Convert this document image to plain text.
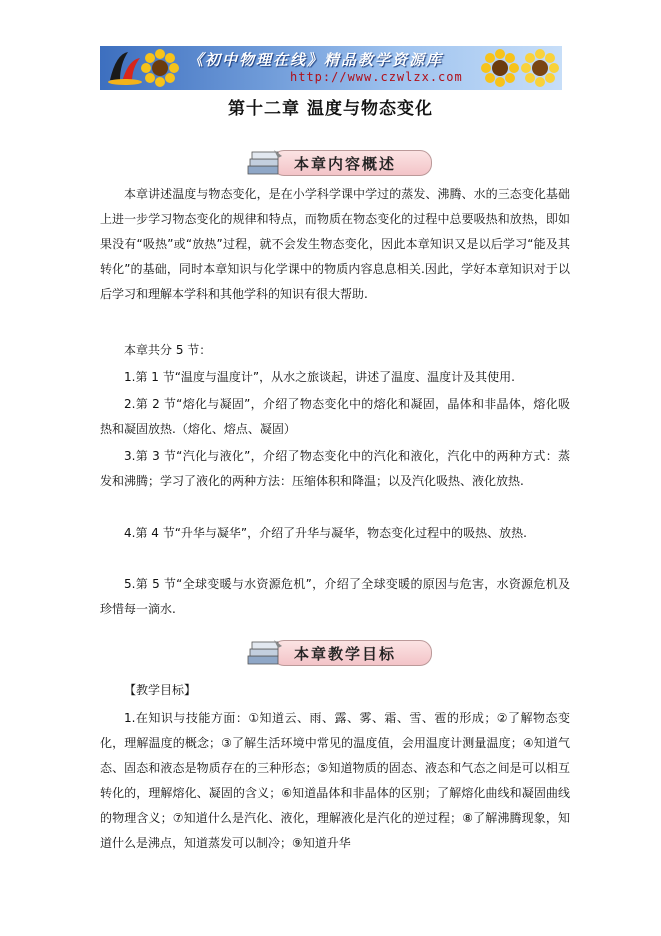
《初中物理在线》精品教学资源库
http://www.czwlzx.com
第十二章 温度与物态变化
本章内容概述

本章讲述温度与物态变化，是在小学科学课中学过的蒸发、沸腾、水的三态变化基础上进一步学习物态变化的规律和特点，而物质在物态变化的过程中总要吸热和放热，即如果没有“吸热”或“放热”过程，就不会发生物态变化，因此本章知识又是以后学习“能及其转化”的基础，同时本章知识与化学课中的物质内容息息相关.因此，学好本章知识对于以后学习和理解本学科和其他学科的知识有很大帮助.

本章共分 5 节：

1.第 1 节“温度与温度计”，从水之旅谈起，讲述了温度、温度计及其使用.

2.第 2 节“熔化与凝固”，介绍了物态变化中的熔化和凝固，晶体和非晶体，熔化吸热和凝固放热.（熔化、熔点、凝固）

3.第 3 节“汽化与液化”，介绍了物态变化中的汽化和液化，汽化中的两种方式：蒸发和沸腾；学习了液化的两种方法：压缩体积和降温；以及汽化吸热、液化放热.

4.第 4 节“升华与凝华”，介绍了升华与凝华，物态变化过程中的吸热、放热.

5.第 5 节“全球变暖与水资源危机”，介绍了全球变暖的原因与危害，水资源危机及珍惜每一滴水.

本章教学目标
【教学目标】

1.在知识与技能方面：①知道云、雨、露、雾、霜、雪、雹的形成；②了解物态变化，理解温度的概念；③了解生活环境中常见的温度值，会用温度计测量温度；④知道气态、固态和液态是物质存在的三种形态；⑤知道物质的固态、液态和气态之间是可以相互转化的，理解熔化、凝固的含义；⑥知道晶体和非晶体的区别；了解熔化曲线和凝固曲线的物理含义；⑦知道什么是汽化、液化，理解液化是汽化的逆过程；⑧了解沸腾现象，知道什么是沸点，知道蒸发可以制冷；⑨知道升华
